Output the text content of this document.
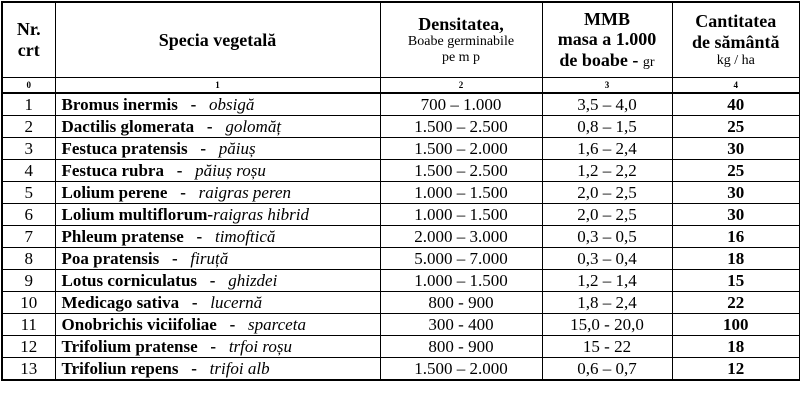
Nr.
crt	Specia vegetală	Densitatea,
Boabe germinabile
pe m p	MMB
masa a 1.000
de boabe - gr	Cantitatea
de sământă
kg / ha

0	1	2	3	4
1	Bromus inermis   -   obsigă	700 – 1.000	3,5 – 4,0	40
2	Dactilis glomerata   -   golomăț	1.500 – 2.500	0,8 – 1,5	25
3	Festuca pratensis   -   păiuș	1.500 – 2.000	1,6 – 2,4	30
4	Festuca rubra   -   păiuș roșu	1.500 – 2.500	1,2 – 2,2	25
5	Lolium perene   -   raigras peren	1.000 – 1.500	2,0 – 2,5	30
6	Lolium multiflorum-raigras hibrid	1.000 – 1.500	2,0 – 2,5	30
7	Phleum pratense   -   timoftică	2.000 – 3.000	0,3 – 0,5	16
8	Poa pratensis   -   firuță	5.000 – 7.000	0,3 – 0,4	18
9	Lotus corniculatus   -   ghizdei	1.000 – 1.500	1,2 – 1,4	15
10	Medicago sativa   -   lucernă	800 - 900	1,8 – 2,4	22
11	Onobrichis viciifoliae   -   sparceta	300 - 400	15,0 - 20,0	100
12	Trifolium pratense   -   trfoi roșu	800 - 900	15 - 22	18
13	Trifoliun repens   -   trifoi alb	1.500 – 2.000	0,6 – 0,7	12
